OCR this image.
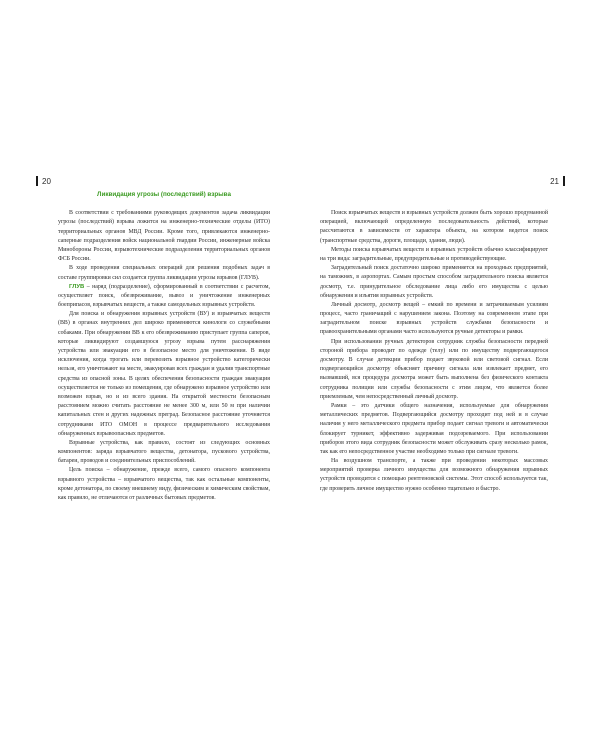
20
Ликвидация угрозы (последствий) взрыва

В соответствии с требованиями руководящих документов задача ликвидации угрозы (последствий) взрыва ложится на инженерно-технические отделы (ИТО) территориальных органов МВД России. Кроме того, привлекаются инженерно-саперные подразделения войск национальной гвардии России, инженерные войска Минобороны России, взрывотехнические подразделения территориальных органов ФСБ России.

В ходе проведения специальных операций для решения подобных задач в составе группировки сил создается группа ликвидации угрозы взрывов (ГЛУВ).

ГЛУВ – наряд (подразделение), сформированный в соответствии с расчетом, осуществляет поиск, обезвреживание, вывоз и уничтожение инженерных боеприпасов, взрывчатых веществ, а также самодельных взрывных устройств.

Для поиска и обнаружения взрывных устройств (ВУ) и взрывчатых веществ (ВВ) в органах внутренних дел широко применяются кинологи со служебными собаками. При обнаружении ВВ к его обезвреживанию приступает группа саперов, которые ликвидируют создавшуюся угрозу взрыва путем расснаряжения устройства или эвакуации его в безопасное место для уничтожения. В виде исключения, когда трогать или перевозить взрывное устройство категорически нельзя, его уничтожают на месте, эвакуировав всех граждан и удалив транспортные средства из опасной зоны. В целях обеспечения безопасности граждан эвакуация осуществляется не только из помещения, где обнаружено взрывное устройство или возможен взрыв, но и из всего здания. На открытой местности безопасным расстоянием можно считать расстояние не менее 300 м, или 50 м при наличии капитальных стен и других надежных преград. Безопасное расстояние уточняется сотрудниками ИТО ОМОН в процессе предварительного исследования обнаруженных взрывоопасных предметов.

Взрывные устройства, как правило, состоят из следующих основных компонентов: заряда взрывчатого вещества, детонатора, пускового устройства, батареи, проводов и соединительных приспособлений.

Цель поиска – обнаружение, прежде всего, самого опасного компонента взрывного устройства – взрывчатого вещества, так как остальные компоненты, кроме детонатора, по своему внешнему виду, физическим и химическим свойствам, как правило, не отличаются от различных бытовых предметов.

21

Поиск взрывчатых веществ и взрывных устройств должен быть хорошо продуманной операцией, включающей определенную последовательность действий, которые рассчитаются в зависимости от характера объекта, на котором ведется поиск (транспортные средства, дороги, площади, здания, люди).

Методы поиска взрывчатых веществ и взрывных устройств обычно классифицируют на три вида: заградительные, предупредительные и противодействующие.

Заградительный поиск достаточно широко применяется на проходных предприятий, на таможнях, в аэропортах. Самым простым способом заградительного поиска является досмотр, т.е. принудительное обследование лица либо его имущества с целью обнаружения и изъятия взрывных устройств.

Личный досмотр, досмотр вещей – емкий по времени и затрачиваемым усилиям процесс, часто граничащий с нарушением закона. Поэтому на современном этапе при заградительном поиске взрывных устройств службами безопасности и правоохранительными органами часто используются ручные детекторы и рамки.

При использовании ручных детекторов сотрудник службы безопасности передней стороной прибора проводит по одежде (телу) или по имуществу подвергающегося досмотру. В случае детекции прибор подает звуковой или световой сигнал. Если подвергающийся досмотру объясняет причину сигнала или извлекает предмет, его вызвавший, вся процедура досмотра может быть выполнена без физического контакта сотрудника полиции или службы безопасности с этим лицом, что является более приемлемым, чем непосредственный личный досмотр.

Рамки – это датчики общего назначения, используемые для обнаружения металлических предметов. Подвергающийся досмотру проходит под ней и в случае наличия у него металлического предмета прибор подает сигнал тревоги и автоматически блокирует турникет, эффективно задерживая подозреваемого. При использовании приборов этого вида сотрудник безопасности может обслуживать сразу несколько рамок, так как его непосредственное участие необходимо только при сигнале тревоги.

На воздушном транспорте, а также при проведении некоторых массовых мероприятий проверка личного имущества для возможного обнаружения взрывных устройств проводится с помощью рентгеновской системы. Этот способ используется так, где проверить личное имущество нужно особенно тщательно и быстро.
